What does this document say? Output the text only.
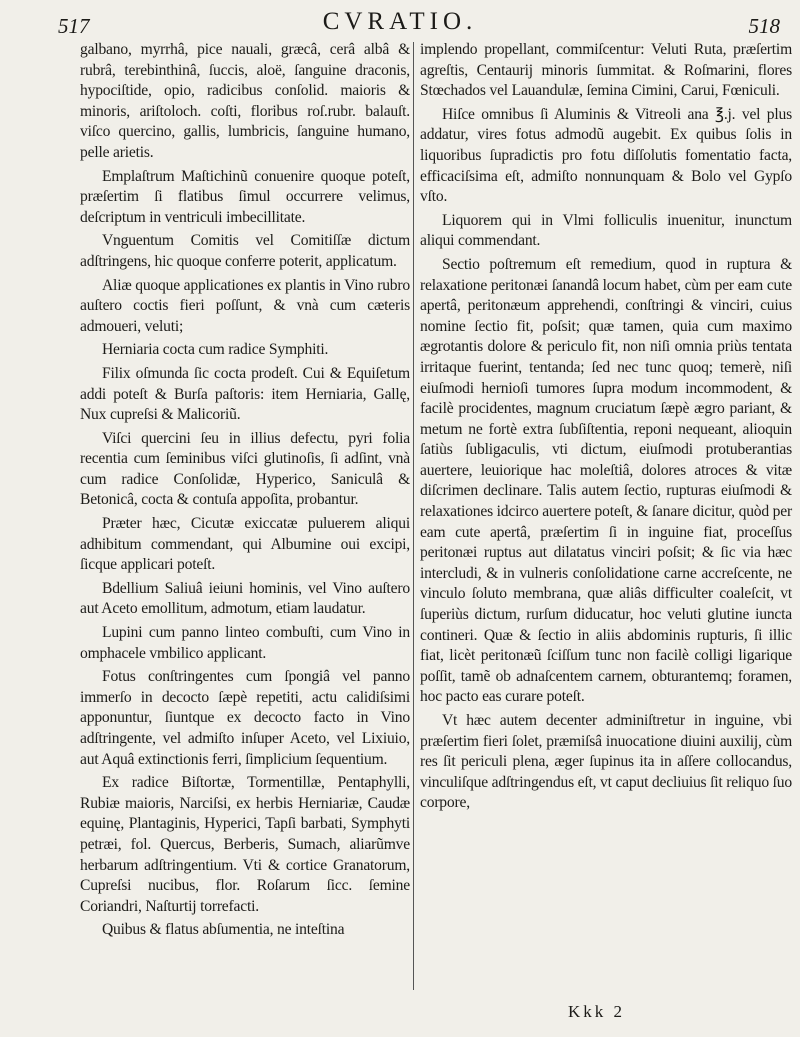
517	CVRATIO.	518

galbano, myrrhâ, pice nauali, græcâ, cerâ albâ & rubrâ, terebinthinâ, ſuccis, aloë, ſanguine draconis, hypociſtide, opio, radicibus conſolid. maioris & minoris, ariſtoloch. coſti, floribus roſ.rubr. balauſt. viſco quercino, gallis, lumbricis, ſanguine humano, pelle arietis.

Emplaſtrum Maſtichinũ conuenire quoque poteſt, præſertim ſi flatibus ſimul occurrere velimus, deſcriptum in ventriculi imbecillitate.

Vnguentum Comitis vel Comitiſſæ dictum adſtringens, hic quoque conferre poterit, applicatum.

Aliæ quoque applicationes ex plantis in Vino rubro auſtero coctis fieri poſſunt, & vnà cum cæteris admoueri, veluti;

Herniaria cocta cum radice Symphiti.

Filix oſmunda ſic cocta prodeſt. Cui & Equiſetum addi poteſt & Burſa paſtoris: item Herniaria, Gallę, Nux cupreſsi & Malicoriũ.

Viſci quercini ſeu in illius defectu, pyri folia recentia cum ſeminibus viſci glutinoſis, ſi adſint, vnà cum radice Conſolidæ, Hyperico, Saniculâ & Betonicâ, cocta & contuſa appoſita, probantur.

Præter hæc, Cicutæ exiccatæ puluerem aliqui adhibitum commendant, qui Albumine oui excipi, ſicque applicari poteſt.

Bdellium Saliuâ ieiuni hominis, vel Vino auſtero aut Aceto emollitum, admotum, etiam laudatur.

Lupini cum panno linteo combuſti, cum Vino in omphacele vmbilico applicant.

Fotus conſtringentes cum ſpongiâ vel panno immerſo in decocto ſæpè repetiti, actu calidiſsimi apponuntur, ſiuntque ex decocto facto in Vino adſtringente, vel admiſto inſuper Aceto, vel Lixiuio, aut Aquâ extinctionis ferri, ſimplicium ſequentium.

Ex radice Biſtortæ, Tormentillæ, Pentaphylli, Rubiæ maioris, Narciſsi, ex herbis Herniariæ, Caudæ equinę, Plantaginis, Hyperici, Tapſi barbati, Symphyti petræi, fol. Quercus, Berberis, Sumach, aliarũmve herbarum adſtringentium. Vti & cortice Granatorum, Cupreſsi nucibus, flor. Roſarum ſicc. ſemine Coriandri, Naſturtij torrefacti.

Quibus & flatus abſumentia, ne inteſtina

implendo propellant, commiſcentur: Veluti Ruta, præſertim agreſtis, Centaurij minoris ſummitat. & Roſmarini, flores Stœchados vel Lauandulæ, ſemina Cimini, Carui, Fœniculi.

Hiſce omnibus ſi Aluminis & Vitreoli ana ℥.j. vel plus addatur, vires fotus admodũ augebit. Ex quibus ſolis in liquoribus ſupradictis pro fotu diſſolutis fomentatio facta, efficaciſsima eſt, admiſto nonnunquam & Bolo vel Gypſo vſto.

Liquorem qui in Vlmi folliculis inuenitur, inunctum aliqui commendant.

Sectio poſtremum eſt remedium, quod in ruptura & relaxatione peritonæi ſanandâ locum habet, cùm per eam cute apertâ, peritonæum apprehendi, conſtringi & vinciri, cuius nomine ſectio fit, poſsit; quæ tamen, quia cum maximo ægrotantis dolore & periculo fit, non niſi omnia priùs tentata irritaque fuerint, tentanda; ſed nec tunc quoq; temerè, niſi eiuſmodi hernioſi tumores ſupra modum incommodent, & facilè procidentes, magnum cruciatum ſæpè ægro pariant, & metum ne fortè extra ſubſiſtentia, reponi nequeant, alioquin ſatiùs ſubligaculis, vti dictum, eiuſmodi protuberantias auertere, leuiorique hac moleſtiâ, dolores atroces & vitæ diſcrimen declinare. Talis autem ſectio, rupturas eiuſmodi & relaxationes idcirco auertere poteſt, & ſanare dicitur, quòd per eam cute apertâ, præſertim ſi in inguine fiat, proceſſus peritonæi ruptus aut dilatatus vinciri poſsit; & ſic via hæc intercludi, & in vulneris conſolidatione carne accreſcente, ne vinculo ſoluto membrana, quæ aliâs difficulter coaleſcit, vt ſuperiùs dictum, rurſum diducatur, hoc veluti glutine iuncta contineri. Quæ & ſectio in aliis abdominis rupturis, ſi illic fiat, licèt peritonæũ ſciſſum tunc non facilè colligi ligarique poſſit, tamẽ ob adnaſcentem carnem, obturantemq; foramen, hoc pacto eas curare poteſt.

Vt hæc autem decenter adminiſtretur in inguine, vbi præſertim fieri ſolet, præmiſsâ inuocatione diuini auxilij, cùm res ſit periculi plena, æger ſupinus ita in aſſere collocandus, vinculiſque adſtringendus eſt, vt caput decliuius ſit reliquo ſuo corpore,

Kkk 2
